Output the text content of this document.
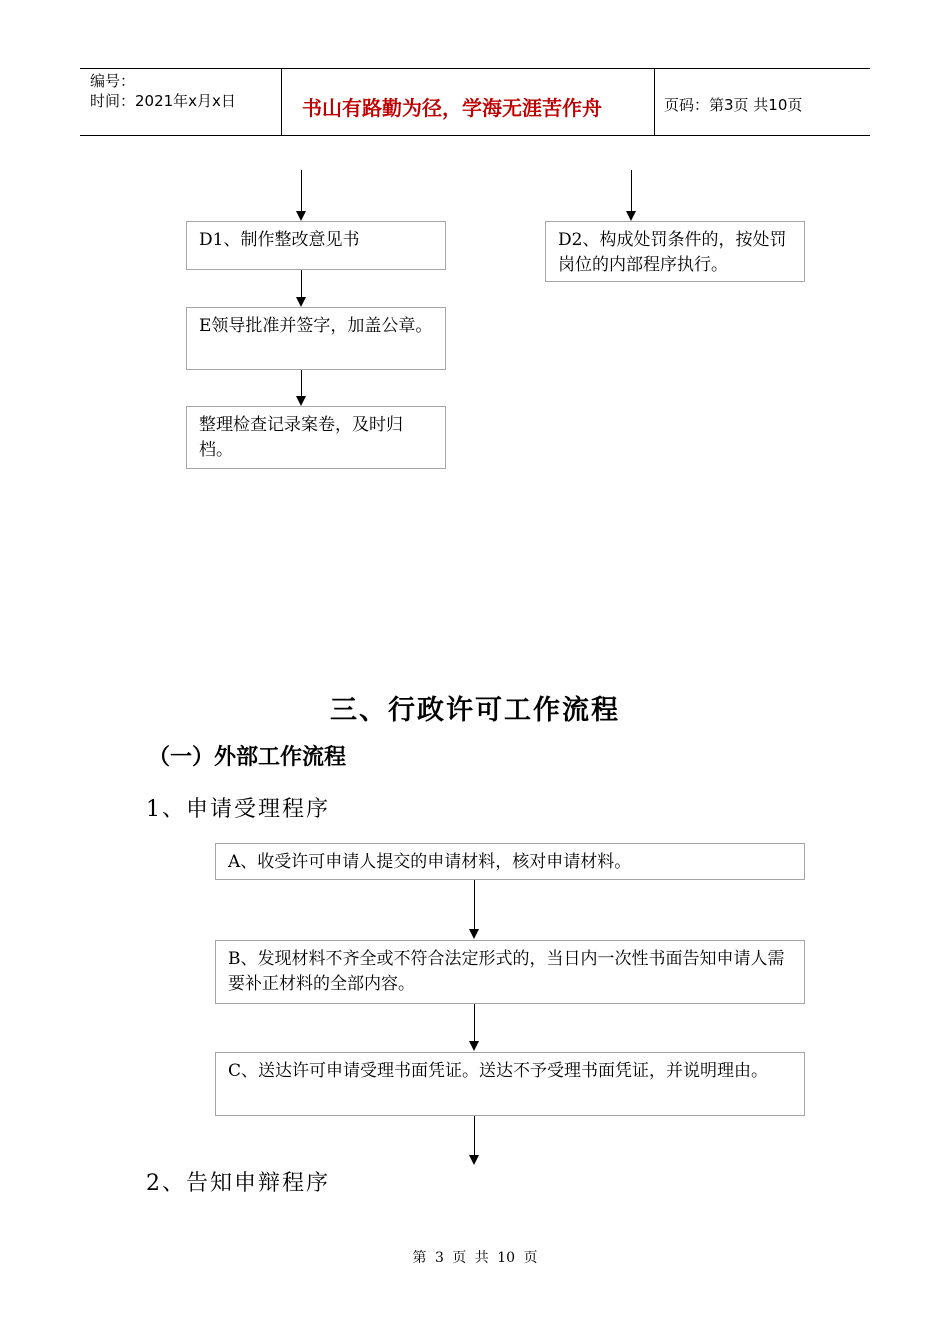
编号：
时间：2021年x月x日	书山有路勤为径，学海无涯苦作舟	页码：第3页 共10页
D1、制作整改意见书
E领导批准并签字，加盖公章。
整理检查记录案卷，及时归档。
D2、构成处罚条件的，按处罚岗位的内部程序执行。
三、行政许可工作流程
（一）外部工作流程
1、申请受理程序
A、收受许可申请人提交的申请材料，核对申请材料。
B、发现材料不齐全或不符合法定形式的，当日内一次性书面告知申请人需要补正材料的全部内容。
C、送达许可申请受理书面凭证。送达不予受理书面凭证，并说明理由。
2、告知申辩程序
第 3 页 共 10 页
